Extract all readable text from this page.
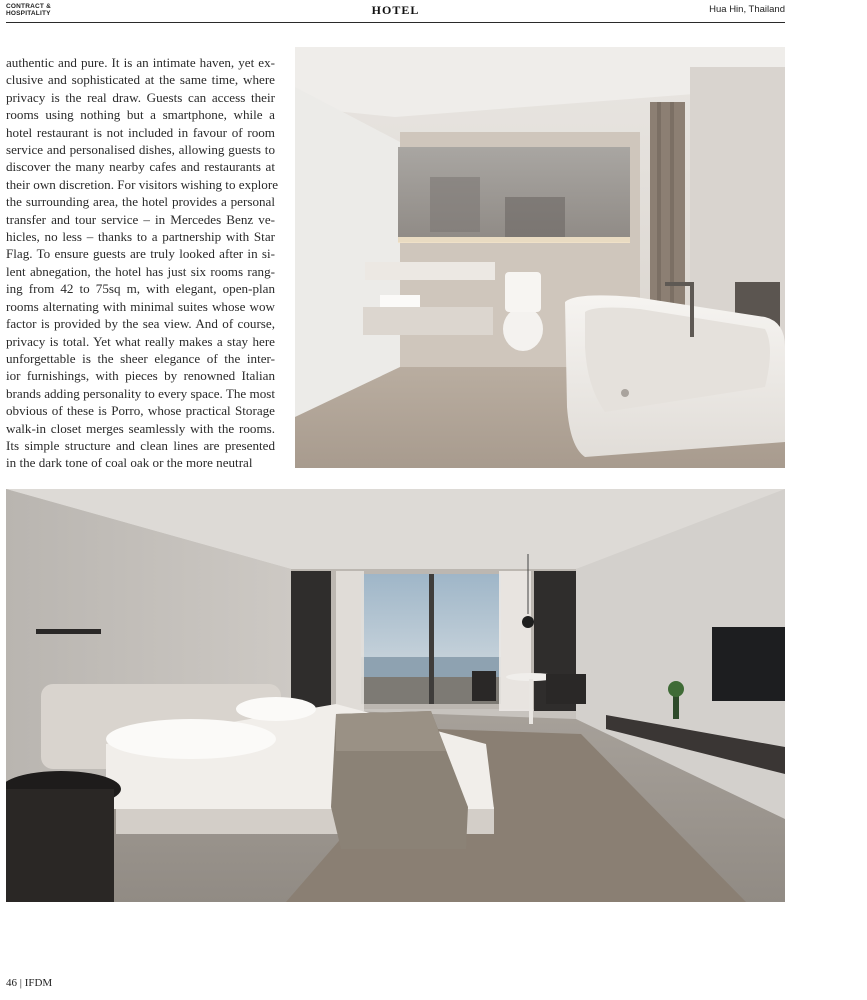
CONTRACT &
HOSPITALITY	HOTEL	Hua Hin, Thailand

authentic and pure. It is an intimate haven, yet ex-
clusive and sophisticated at the same time, where
privacy is the real draw. Guests can access their
rooms using nothing but a smartphone, while a
hotel restaurant is not included in favour of room
service and personalised dishes, allowing guests to
discover the many nearby cafes and restaurants at
their own discretion. For visitors wishing to explore
the surrounding area, the hotel provides a personal
transfer and tour service – in Mercedes Benz ve-
hicles, no less – thanks to a partnership with Star
Flag. To ensure guests are truly looked after in si-
lent abnegation, the hotel has just six rooms rang-
ing from 42 to 75sq m, with elegant, open-plan
rooms alternating with minimal suites whose wow
factor is provided by the sea view. And of course,
privacy is total. Yet what really makes a stay here
unforgettable is the sheer elegance of the inter-
ior furnishings, with pieces by renowned Italian
brands adding personality to every space. The most
obvious of these is Porro, whose practical Storage
walk-in closet merges seamlessly with the rooms.
Its simple structure and clean lines are presented
in the dark tone of coal oak or the more neutral

46 | IFDM
